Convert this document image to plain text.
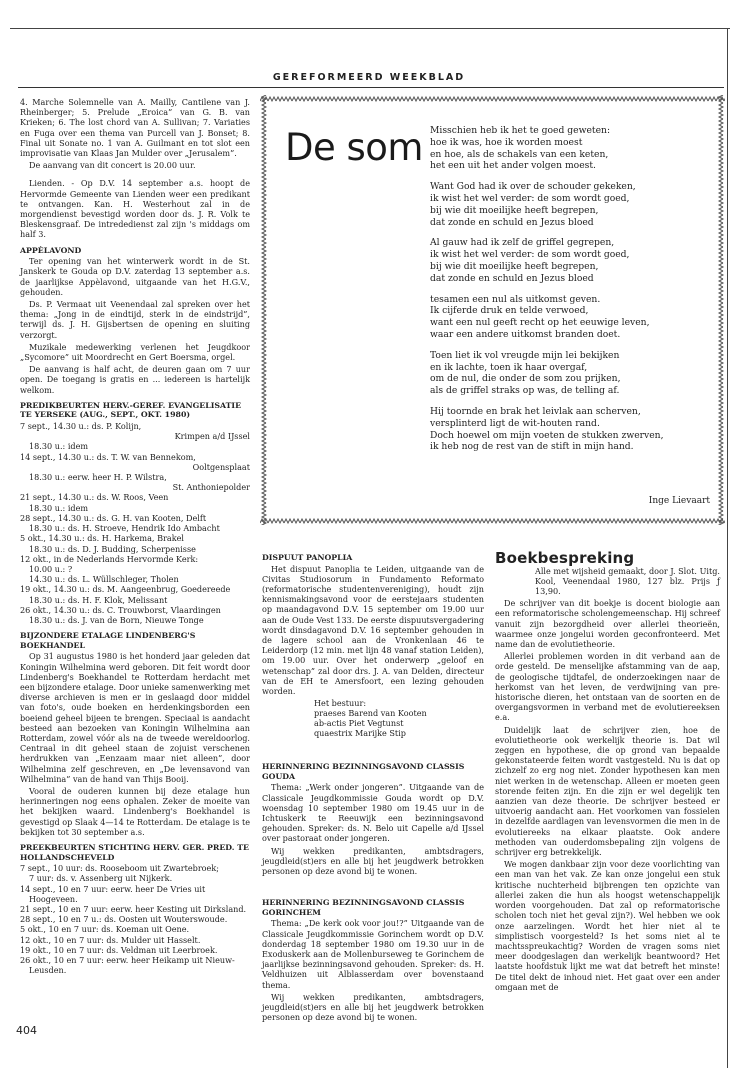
GEREFORMEERD WEEKBLAD

4. Marche Solemnelle van A. Mailly, Cantilene van J. Rheinberger; 5. Prelude „Eroica” van G. B. van Krieken; 6. The lost chord van A. Sullivan; 7. Variaties en Fuga over een thema van Purcell van J. Bonset; 8. Final uit Sonate no. 1 van A. Guilmant en tot slot een improvisatie van Klaas Jan Mulder over „Jerusalem”.

De aanvang van dit concert is 20.00 uur.

Lienden. - Op D.V. 14 september a.s. hoopt de Hervormde Gemeente van Lienden weer een predikant te ontvangen. Kan. H. Westerhout zal in de morgendienst bevestigd worden door ds. J. R. Volk te Bleskensgraaf. De intrededienst zal zijn 's middags om half 3.

APPÈLAVOND

Ter opening van het winterwerk wordt in de St. Janskerk te Gouda op D.V. zaterdag 13 september a.s. de jaarlijkse Appèlavond, uitgaande van het H.G.V., gehouden.

Ds. P. Vermaat uit Veenendaal zal spreken over het thema: „Jong in de eindtijd, sterk in de eindstrijd”, terwijl ds. J. H. Gijsbertsen de opening en sluiting verzorgt.

Muzikale medewerking verlenen het Jeugdkoor „Sycomore” uit Moordrecht en Gert Boersma, orgel.

De aanvang is half acht, de deuren gaan om 7 uur open. De toegang is gratis en ... iedereen is hartelijk welkom.

PREDIKBEURTEN HERV.-GEREF. EVANGELISATIE TE YERSEKE (AUG., SEPT., OKT. 1980)
7 sept., 14.30 u.: ds. P. Kolijn,
Krimpen a/d IJssel
18.30 u.: idem
14 sept., 14.30 u.: ds. T. W. van Bennekom,
Ooltgensplaat
18.30 u.: eerw. heer H. P. Wilstra,
St. Anthoniepolder
21 sept., 14.30 u.: ds. W. Roos, Veen
18.30 u.: idem
28 sept., 14.30 u.: ds. G. H. van Kooten, Delft
18.30 u.: ds. H. Stroeve, Hendrik Ido Ambacht
5 okt., 14.30 u.: ds. H. Harkema, Brakel
18.30 u.: ds. D. J. Budding, Scherpenisse
12 okt., in de Nederlands Hervormde Kerk:
10.00 u.: ?
14.30 u.: ds. L. Wüllschleger, Tholen
19 okt., 14.30 u.: ds. M. Aangeenbrug, Goedereede
18.30 u.: ds. H. F. Klok, Melissant
26 okt., 14.30 u.: ds. C. Trouwborst, Vlaardingen
18.30 u.: ds. J. van de Born, Nieuwe Tonge
BIJZONDERE ETALAGE LINDENBERG'S BOEKHANDEL

Op 31 augustus 1980 is het honderd jaar geleden dat Koningin Wilhelmina werd geboren. Dit feit wordt door Lindenberg's Boekhandel te Rotterdam herdacht met een bijzondere etalage. Door unieke samenwerking met diverse archieven is men er in geslaagd door middel van foto's, oude boeken en herdenkingsborden een boeiend geheel bijeen te brengen. Speciaal is aandacht besteed aan bezoeken van Koningin Wilhelmina aan Rotterdam, zowel vóór als na de tweede wereldoorlog. Centraal in dit geheel staan de zojuist verschenen herdrukken van „Eenzaam maar niet alleen”, door Wilhelmina zelf geschreven, en „De levensavond van Wilhelmina” van de hand van Thijs Booij.

Vooral de ouderen kunnen bij deze etalage hun herinneringen nog eens ophalen. Zeker de moeite van het bekijken waard. Lindenberg's Boekhandel is gevestigd op Slaak 4—14 te Rotterdam. De etalage is te bekijken tot 30 september a.s.

PREEKBEURTEN STICHTING HERV. GER. PRED. TE HOLLANDSCHEVELD
7 sept., 10 uur: ds. Rooseboom uit Zwartebroek;
7 uur: ds. v. Assenberg uit Nijkerk.
14 sept., 10 en 7 uur: eerw. heer De Vries uit Hoogeveen.
21 sept., 10 en 7 uur: eerw. heer Kesting uit Dirksland.
28 sept., 10 en 7 u.: ds. Oosten uit Wouterswoude.
5 okt., 10 en 7 uur: ds. Koeman uit Oene.
12 okt., 10 en 7 uur: ds. Mulder uit Hasselt.
19 okt., 10 en 7 uur: ds. Veldman uit Leerbroek.
26 okt., 10 en 7 uur: eerw. heer Heikamp uit Nieuw-Leusden.
De som Misschien heb ik het te goed geweten:
hoe ik was, hoe ik worden moest
en hoe, als de schakels van een keten,
het een uit het ander volgen moest.
Want God had ik over de schouder gekeken,
ik wist het wel verder: de som wordt goed,
bij wie dit moeilijke heeft begrepen,
dat zonde en schuld en Jezus bloed
Al gauw had ik zelf de griffel gegrepen,
ik wist het wel verder: de som wordt goed,
bij wie dit moeilijke heeft begrepen,
dat zonde en schuld en Jezus bloed
tesamen een nul als uitkomst geven.
Ik cijferde druk en telde verwoed,
want een nul geeft recht op het eeuwige leven,
waar een andere uitkomst branden doet.
Toen liet ik vol vreugde mijn lei bekijken
en ik lachte, toen ik haar overgaf,
om de nul, die onder de som zou prijken,
als de griffel straks op was, de telling af.
Hij toornde en brak het leivlak aan scherven,
versplinterd ligt de wit-houten rand.
Doch hoewel om mijn voeten de stukken zwerven,
ik heb nog de rest van de stift in mijn hand.
Inge Lievaart
DISPUUT PANOPLIA

Het dispuut Panoplia te Leiden, uitgaande van de Civitas Studiosorum in Fundamento Reformato (reformatorische studentenvereniging), houdt zijn kennismakingsavond voor de eerstejaars studenten op maandagavond D.V. 15 september om 19.00 uur aan de Oude Vest 133. De eerste dispuutsvergadering wordt dinsdagavond D.V. 16 september gehouden in de lagere school aan de Vronkenlaan 46 te Leiderdorp (12 min. met lijn 48 vanaf station Leiden), om 19.00 uur. Over het onderwerp „geloof en wetenschap” zal door drs. J. A. van Delden, directeur van de EH te Amersfoort, een lezing gehouden worden.

Het bestuur:
praeses Barend van Kooten
ab-actis Piet Vegtunst
quaestrix Marijke Stip
HERINNERING BEZINNINGSAVOND CLASSIS GOUDA

Thema: „Werk onder jongeren”. Uitgaande van de Classicale Jeugdkommissie Gouda wordt op D.V. woensdag 10 september 1980 om 19.45 uur in de Ichtuskerk te Reeuwijk een bezinningsavond gehouden. Spreker: ds. N. Belo uit Capelle a/d IJssel over pastoraat onder jongeren.

Wij wekken predikanten, ambtsdragers, jeugdleid(st)ers en alle bij het jeugdwerk betrokken personen op deze avond bij te wonen.

HERINNERING BEZINNINGSAVOND CLASSIS GORINCHEM

Thema: „De kerk ook voor jou!?” Uitgaande van de Classicale Jeugdkommissie Gorinchem wordt op D.V. donderdag 18 september 1980 om 19.30 uur in de Exoduskerk aan de Mollenburseweg te Gorinchem de jaarlijkse bezinningsavond gehouden. Spreker: ds. H. Veldhuizen uit Alblasserdam over bovenstaand thema.

Wij wekken predikanten, ambtsdragers, jeugdleid(st)ers en alle bij het jeugdwerk betrokken personen op deze avond bij te wonen.

Boekbespreking
Alle met wijsheid gemaakt, door J. Slot. Uitg. Kool, Veenendaal 1980, 127 blz. Prijs ƒ 13,90.

De schrijver van dit boekje is docent biologie aan een reformatorische scholengemeenschap. Hij schreef vanuit zijn bezorgdheid over allerlei theorieën, waarmee onze jongelui worden geconfronteerd. Met name dan de evolutietheorie.

Allerlei problemen worden in dit verband aan de orde gesteld. De menselijke afstamming van de aap, de geologische tijdtafel, de onderzoekingen naar de herkomst van het leven, de verdwijning van pre-historische dieren, het ontstaan van de soorten en de overgangsvormen in verband met de evolutiereeksen e.a.

Duidelijk laat de schrijver zien, hoe de evolutietheorie ook werkelijk theorie is. Dat wil zeggen en hypothese, die op grond van bepaalde gekonstateerde feiten wordt vastgesteld. Nu is dat op zichzelf zo erg nog niet. Zonder hypothesen kan men niet werken in de wetenschap. Alleen er moeten geen storende feiten zijn. En die zijn er wel degelijk ten aanzien van deze theorie. De schrijver besteed er uitvoerig aandacht aan. Het voorkomen van fossielen in dezelfde aardlagen van levensvormen die men in de evolutiereeks na elkaar plaatste. Ook andere methoden van ouderdomsbepaling zijn volgens de schrijver erg betrekkelijk.

We mogen dankbaar zijn voor deze voorlichting van een man van het vak. Ze kan onze jongelui een stuk kritische nuchterheid bijbrengen ten opzichte van allerlei zaken die hun als hoogst wetenschappelijk worden voorgehouden. Dat zal op reformatorische scholen toch niet het geval zijn?). Wel hebben we ook onze aarzelingen. Wordt het hier niet al te simplistisch voorgesteld? Is het soms niet al te machtsspreukachtig? Worden de vragen soms niet meer doodgeslagen dan werkelijk beantwoord? Het laatste hoofdstuk lijkt me wat dat betreft het minste! De titel dekt de inhoud niet. Het gaat over een ander omgaan met de

404
